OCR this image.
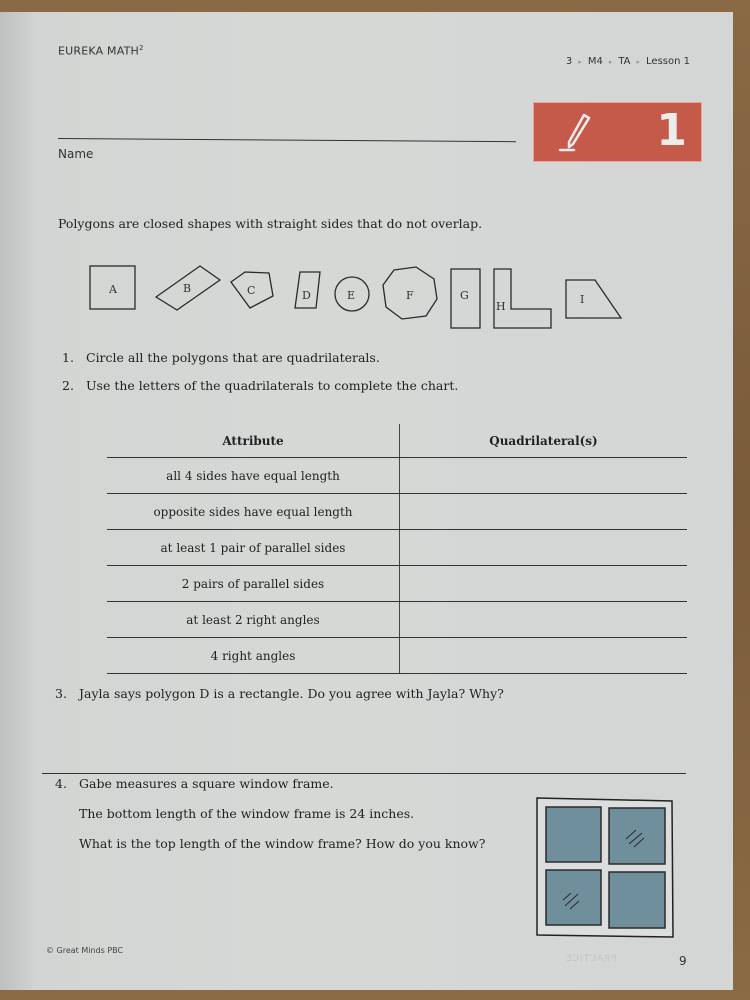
EUREKA MATH$^2$
3 ▸ M4 ▸ TA ▸ Lesson 1
Name	1
Polygons are closed shapes with straight sides that do not overlap.
A	B	C	D	E	F	G
H
I
1. Circle all the polygons that are quadrilaterals.
2. Use the letters of the quadrilaterals to complete the chart.
Attribute	Quadrilateral(s)
all 4 sides have equal length	
opposite sides have equal length	
at least 1 pair of parallel sides	
2 pairs of parallel sides	
at least 2 right angles	
4 right angles	
3. Jayla says polygon D is a rectangle. Do you agree with Jayla? Why?
4. Gabe measures a square window frame.
The bottom length of the window frame is 24 inches.
What is the top length of the window frame? How do you know?
PRACTICE
© Great Minds PBC
9
